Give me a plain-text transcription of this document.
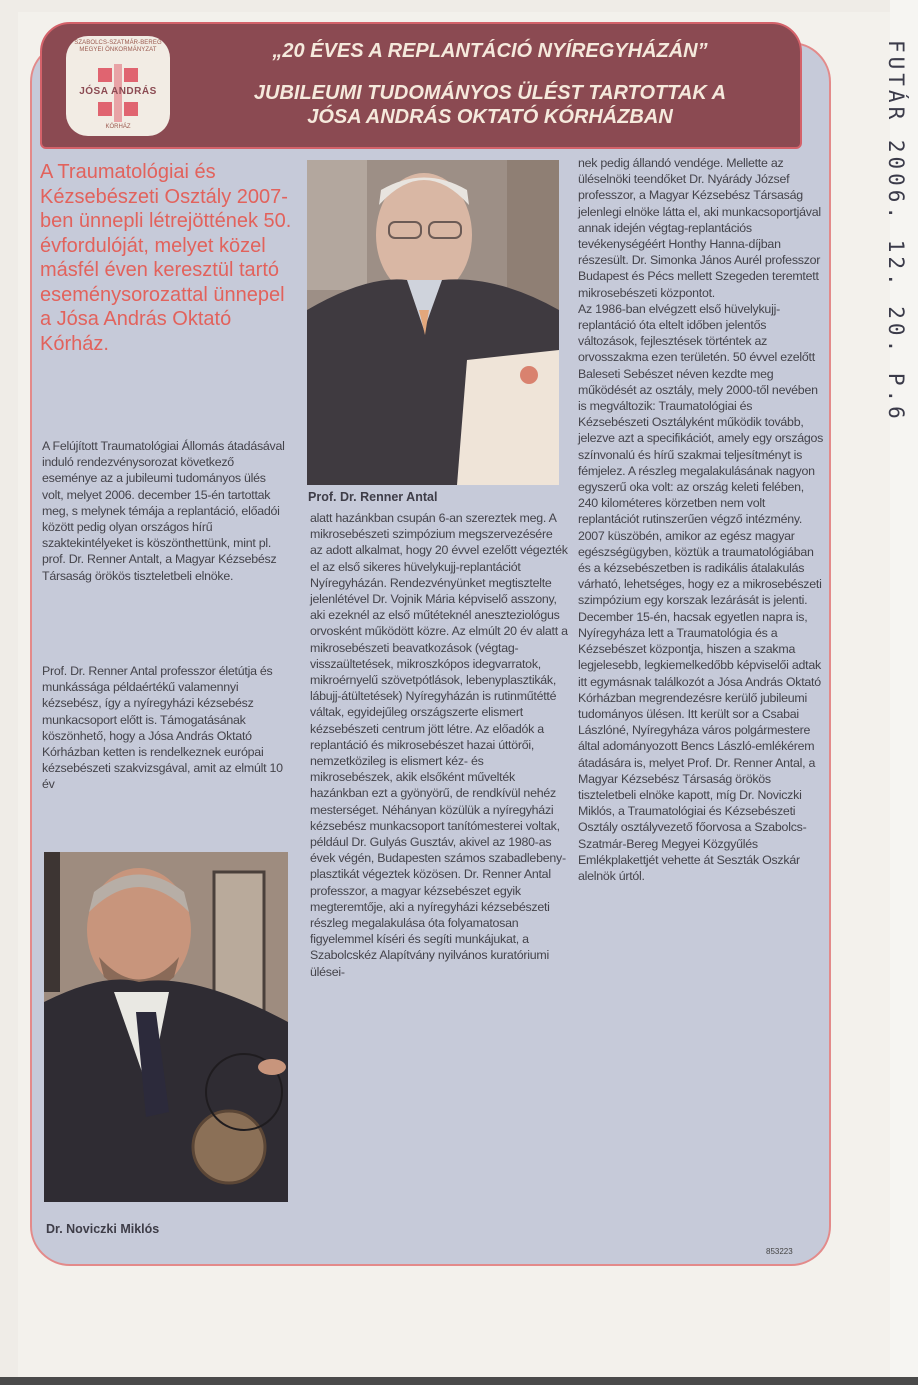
„20 ÉVES A REPLANTÁCIÓ NYÍREGYHÁZÁN”
JUBILEUMI TUDOMÁNYOS ÜLÉST TARTOTTAK A
JÓSA ANDRÁS OKTATÓ KÓRHÁZBAN
SZABOLCS-SZATMÁR-BEREG MEGYEI ÖNKORMÁNYZAT
JÓSA ANDRÁS
KÓRHÁZ
A Traumatológiai és Kézsebészeti Osztály 2007-ben ünnepli létrejöttének 50. évfordulóját, melyet közel másfél éven keresztül tartó eseménysorozattal ünnepel a Jósa András Oktató Kórház.

A Felújított Traumatológiai Állomás átadásával induló rendezvénysorozat következő eseménye az a jubileumi tudományos ülés volt, melyet 2006. december 15-én tartottak meg, s melynek témája a replantáció, előadói között pedig olyan országos hírű szaktekintélyeket is köszönthettünk, mint pl. prof. Dr. Renner Antalt, a Magyar Kézsebész Társaság örökös tiszteletbeli elnöke.

Prof. Dr. Renner Antal professzor életútja és munkássága példaértékű valamennyi kézsebész, így a nyíregyházi kézsebész munkacsoport előtt is. Támogatásának köszönhető, hogy a Jósa András Oktató Kórházban ketten is rendelkeznek európai kézsebészeti szakvizsgával, amit az elmúlt 10 év

Prof. Dr. Renner Antal

alatt hazánkban csupán 6-an szereztek meg. A mikrosebészeti szimpózium megszervezésére az adott alkalmat, hogy 20 évvel ezelőtt végezték el az első sikeres hüvelykujj-replantációt Nyíregyházán. Rendezvényünket megtisztelte jelenlétével Dr. Vojnik Mária képviselő asszony, aki ezeknél az első műtéteknél aneszteziológus orvosként működött közre. Az elmúlt 20 év alatt a mikrosebészeti beavatkozások (végtag-visszaültetések, mikroszkópos idegvarratok, mikroérnyelű szövetpótlások, lebenyplasztikák, lábujj-átültetések) Nyíregyházán is rutinműtétté váltak, egyidejűleg országszerte elismert kézsebészeti centrum jött létre. Az előadók a replantáció és mikrosebészet hazai úttörői, nemzetközileg is elismert kéz- és mikrosebészek, akik elsőként művelték hazánkban ezt a gyönyörű, de rendkívül nehéz mesterséget. Néhányan közülük a nyíregyházi kézsebész munkacsoport tanítómesterei voltak, például Dr. Gulyás Gusztáv, akivel az 1980-as évek végén, Budapesten számos szabadlebeny-plasztikát végeztek közösen. Dr. Renner Antal professzor, a magyar kézsebészet egyik megteremtője, aki a nyíregyházi kézsebészeti részleg megalakulása óta folyamatosan figyelemmel kíséri és segíti munkájukat, a Szabolcskéz Alapítvány nyilvános kuratóriumi ülései-

Dr. Noviczki Miklós

nek pedig állandó vendége. Mellette az üléselnöki teendőket Dr. Nyárády József professzor, a Magyar Kézsebész Társaság jelenlegi elnöke látta el, aki munkacsoportjával annak idején végtag-replantációs tevékenységéért Honthy Hanna-díjban részesült. Dr. Simonka János Aurél professzor Budapest és Pécs mellett Szegeden teremtett mikrosebészeti központot.

Az 1986-ban elvégzett első hüvelykujj-replantáció óta eltelt időben jelentős változások, fejlesztések történtek az orvosszakma ezen területén. 50 évvel ezelőtt Baleseti Sebészet néven kezdte meg működését az osztály, mely 2000-től nevében is megváltozik: Traumatológiai és Kézsebészeti Osztályként működik tovább, jelezve azt a specifikációt, amely egy országos színvonalú és hírű szakmai teljesítményt is fémjelez. A részleg megalakulásának nagyon egyszerű oka volt: az ország keleti felében, 240 kilométeres körzetben nem volt replantációt rutinszerűen végző intézmény. 2007 küszöbén, amikor az egész magyar egészségügyben, köztük a traumatológiában és a kézsebészetben is radikális átalakulás várható, lehetséges, hogy ez a mikrosebészeti szimpózium egy korszak lezárását is jelenti.

December 15-én, hacsak egyetlen napra is, Nyíregyháza lett a Traumatológia és a Kézsebészet központja, hiszen a szakma legjelesebb, legkiemelkedőbb képviselői adtak itt egymásnak találkozót a Jósa András Oktató Kórházban megrendezésre kerülő jubileumi tudományos ülésen. Itt került sor a Csabai Lászlóné, Nyíregyháza város polgármestere által adományozott Bencs László-emlékérem átadására is, melyet Prof. Dr. Renner Antal, a Magyar Kézsebész Társaság örökös tiszteletbeli elnöke kapott, míg Dr. Noviczki Miklós, a Traumatológiai és Kézsebészeti Osztály osztályvezető főorvosa a Szabolcs-Szatmár-Bereg Megyei Közgyűlés Emlékplakettjét vehette át Seszták Oszkár alelnök úrtól.

853223
FUTÁR 2006. 12. 20. P.6
